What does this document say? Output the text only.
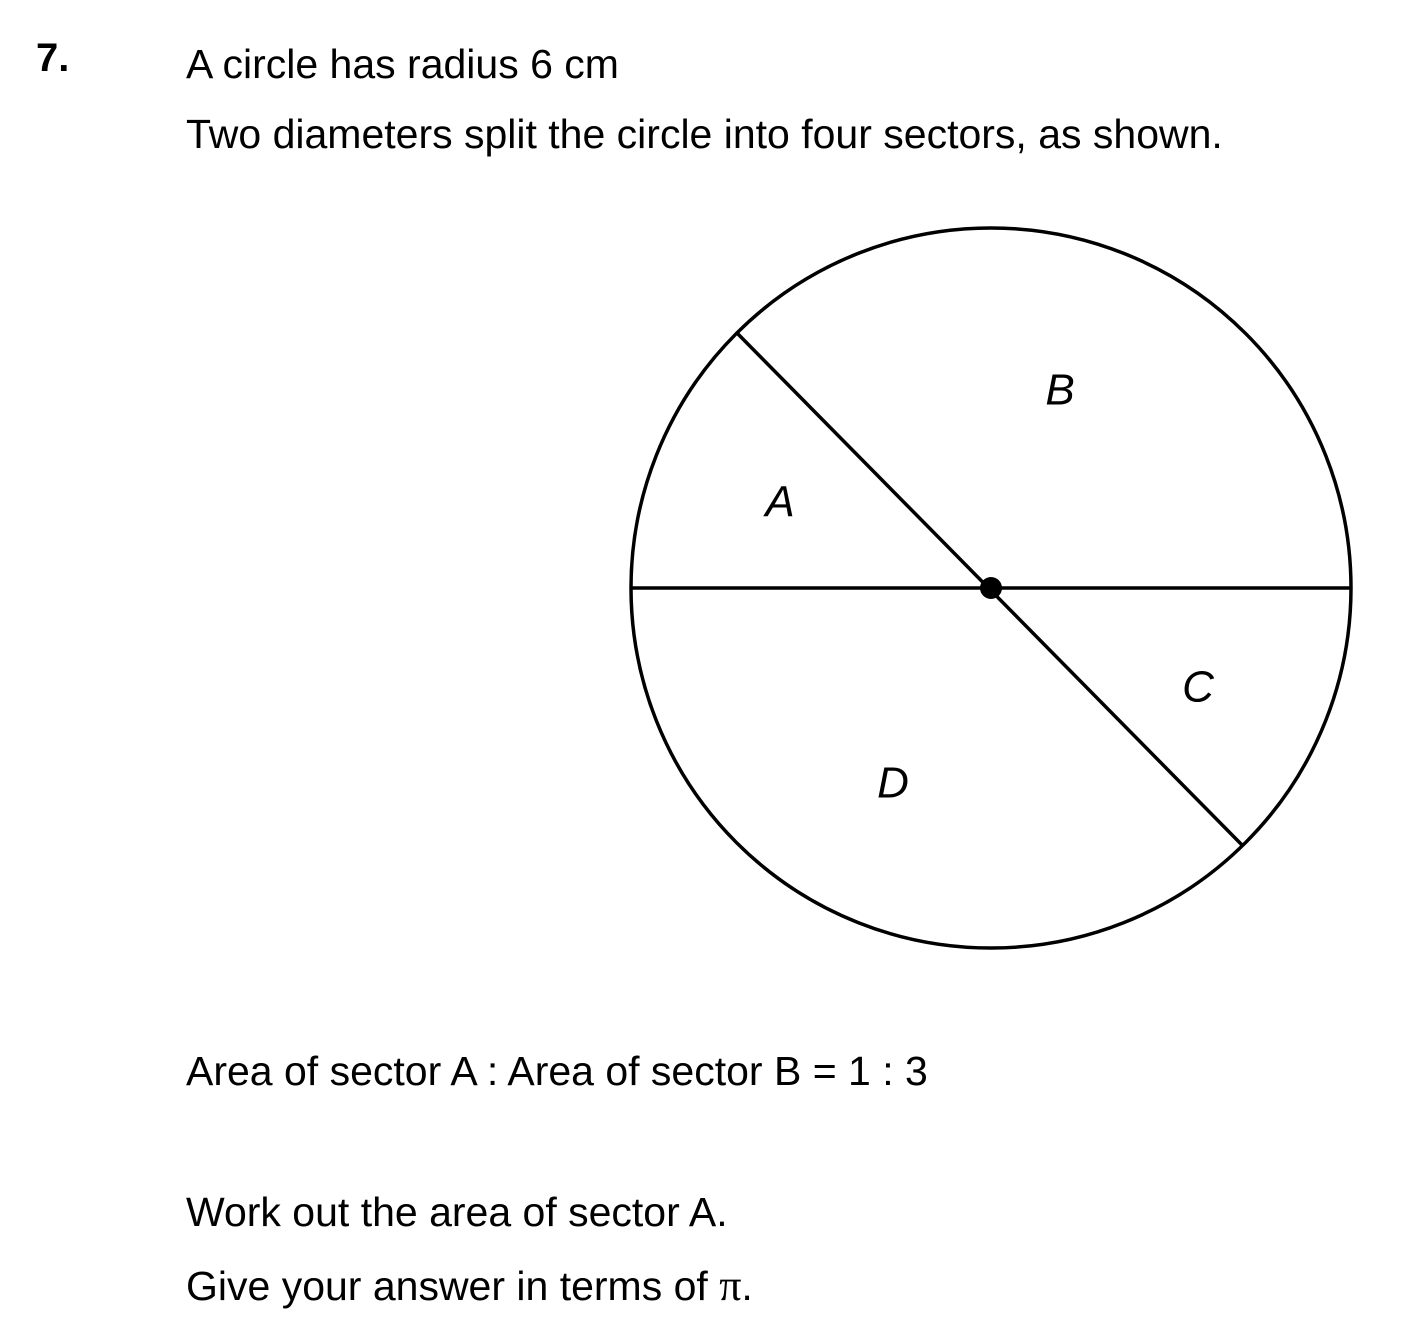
7.	A circle has radius 6 cm
Two diameters split the circle into four sectors, as shown.
A
B
C
D
Area of sector A : Area of sector B = 1 : 3
Work out the area of sector A.
Give your answer in terms of π.
